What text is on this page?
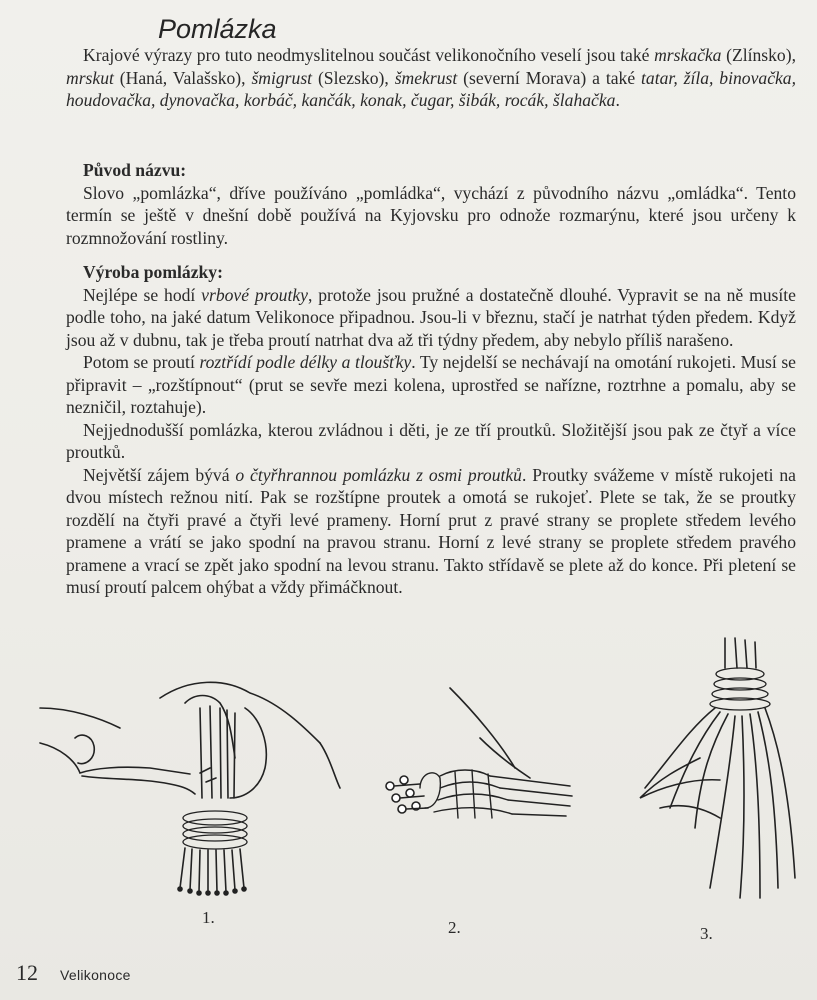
Pomlázka

Krajové výrazy pro tuto neodmyslitelnou součást velikonočního veselí jsou také mrskačka (Zlínsko), mrskut (Haná, Valašsko), šmigrust (Slezsko), šmekrust (severní Morava) a také tatar, žíla, binovačka, houdovačka, dynovačka, korbáč, kančák, konak, čugar, šibák, rocák, šlahačka.

Původ názvu:

Slovo „pomlázka“, dříve používáno „pomládka“, vychází z původního názvu „omládka“. Tento termín se ještě v dnešní době používá na Kyjovsku pro odnože rozmarýnu, které jsou určeny k rozmnožování rostliny.

Výroba pomlázky:

Nejlépe se hodí vrbové proutky, protože jsou pružné a dostatečně dlouhé. Vypravit se na ně musíte podle toho, na jaké datum Velikonoce připadnou. Jsou-li v březnu, stačí je natrhat týden předem. Když jsou až v dubnu, tak je třeba proutí natrhat dva až tři týdny předem, aby nebylo příliš narašeno.

Potom se proutí roztřídí podle délky a tloušťky. Ty nejdelší se nechávají na omotání rukojeti. Musí se připravit – „rozštípnout“ (prut se sevře mezi kolena, uprostřed se nařízne, roztrhne a pomalu, aby se nezničil, roztahuje).

Nejjednodušší pomlázka, kterou zvládnou i děti, je ze tří proutků. Složitější jsou pak ze čtyř a více proutků.

Největší zájem bývá o čtyřhrannou pomlázku z osmi proutků. Proutky svážeme v místě rukojeti na dvou místech režnou nití. Pak se rozštípne proutek a omotá se rukojeť. Plete se tak, že se proutky rozdělí na čtyři pravé a čtyři levé prameny. Horní prut z pravé strany se proplete středem levého pramene a vrátí se jako spodní na pravou stranu. Horní z levé strany se proplete středem pravého pramene a vrací se zpět jako spodní na levou stranu. Takto střídavě se plete až do konce. Při pletení se musí proutí palcem ohýbat a vždy přimáčknout.

1.
2.	3.
12 Velikonoce
